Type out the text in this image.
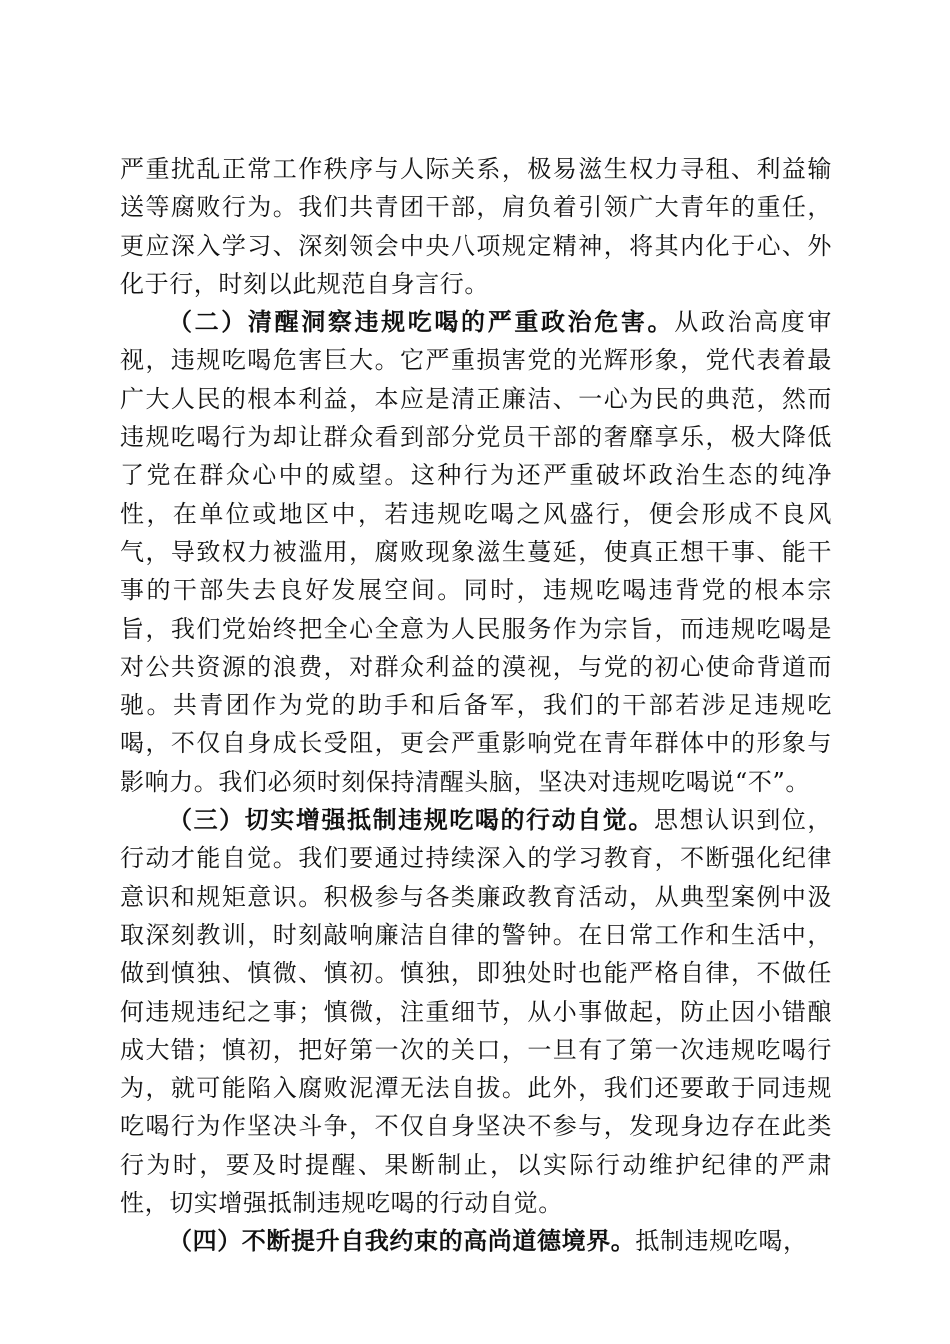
严重扰乱正常工作秩序与人际关系，极易滋生权力寻租、利益输送等腐败行为。我们共青团干部，肩负着引领广大青年的重任，更应深入学习、深刻领会中央八项规定精神，将其内化于心、外化于行，时刻以此规范自身言行。

（二）清醒洞察违规吃喝的严重政治危害。从政治高度审视，违规吃喝危害巨大。它严重损害党的光辉形象，党代表着最广大人民的根本利益，本应是清正廉洁、一心为民的典范，然而违规吃喝行为却让群众看到部分党员干部的奢靡享乐，极大降低了党在群众心中的威望。这种行为还严重破坏政治生态的纯净性，在单位或地区中，若违规吃喝之风盛行，便会形成不良风气，导致权力被滥用，腐败现象滋生蔓延，使真正想干事、能干事的干部失去良好发展空间。同时，违规吃喝违背党的根本宗旨，我们党始终把全心全意为人民服务作为宗旨，而违规吃喝是对公共资源的浪费，对群众利益的漠视，与党的初心使命背道而驰。共青团作为党的助手和后备军，我们的干部若涉足违规吃喝，不仅自身成长受阻，更会严重影响党在青年群体中的形象与影响力。我们必须时刻保持清醒头脑，坚决对违规吃喝说“不”。

（三）切实增强抵制违规吃喝的行动自觉。思想认识到位，行动才能自觉。我们要通过持续深入的学习教育，不断强化纪律意识和规矩意识。积极参与各类廉政教育活动，从典型案例中汲取深刻教训，时刻敲响廉洁自律的警钟。在日常工作和生活中，做到慎独、慎微、慎初。慎独，即独处时也能严格自律，不做任何违规违纪之事；慎微，注重细节，从小事做起，防止因小错酿成大错；慎初，把好第一次的关口，一旦有了第一次违规吃喝行为，就可能陷入腐败泥潭无法自拔。此外，我们还要敢于同违规吃喝行为作坚决斗争，不仅自身坚决不参与，发现身边存在此类行为时，要及时提醒、果断制止，以实际行动维护纪律的严肃性，切实增强抵制违规吃喝的行动自觉。

（四）不断提升自我约束的高尚道德境界。抵制违规吃喝，
